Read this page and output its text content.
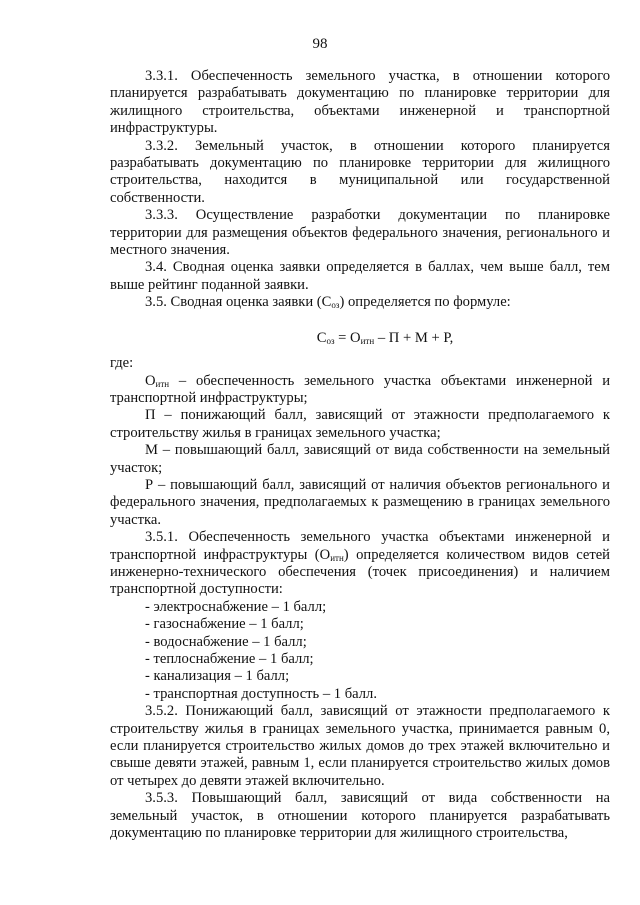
98

3.3.1. Обеспеченность земельного участка, в отношении которого планируется разрабатывать документацию по планировке территории для жилищного строительства, объектами инженерной и транспортной инфраструктуры.

3.3.2. Земельный участок, в отношении которого планируется разрабатывать документацию по планировке территории для жилищного строительства, находится в муниципальной или государственной собственности.

3.3.3. Осуществление разработки документации по планировке территории для размещения объектов федерального значения, регионального и местного значения.

3.4. Сводная оценка заявки определяется в баллах, чем выше балл, тем выше рейтинг поданной заявки.

3.5. Сводная оценка заявки $(С_{оз})$ определяется по формуле:

$С_{оз} = О_{итн} - П + М + Р$,

где:

$О_{итн}$ – обеспеченность земельного участка объектами инженерной и транспортной инфраструктуры;

П – понижающий балл, зависящий от этажности предполагаемого к строительству жилья в границах земельного участка;

М – повышающий балл, зависящий от вида собственности на земельный участок;

Р – повышающий балл, зависящий от наличия объектов регионального и федерального значения, предполагаемых к размещению в границах земельного участка.

3.5.1. Обеспеченность земельного участка объектами инженерной и транспортной инфраструктуры $(О_{итн})$ определяется количеством видов сетей инженерно-технического обеспечения (точек присоединения) и наличием транспортной доступности:

- электроснабжение – 1 балл;

- газоснабжение – 1 балл;

- водоснабжение – 1 балл;

- теплоснабжение – 1 балл;

- канализация – 1 балл;

- транспортная доступность – 1 балл.

3.5.2. Понижающий балл, зависящий от этажности предполагаемого к строительству жилья в границах земельного участка, принимается равным 0, если планируется строительство жилых домов до трех этажей включительно и свыше девяти этажей, равным 1, если планируется строительство жилых домов от четырех до девяти этажей включительно.

3.5.3. Повышающий балл, зависящий от вида собственности на земельный участок, в отношении которого планируется разрабатывать документацию по планировке территории для жилищного строительства,
